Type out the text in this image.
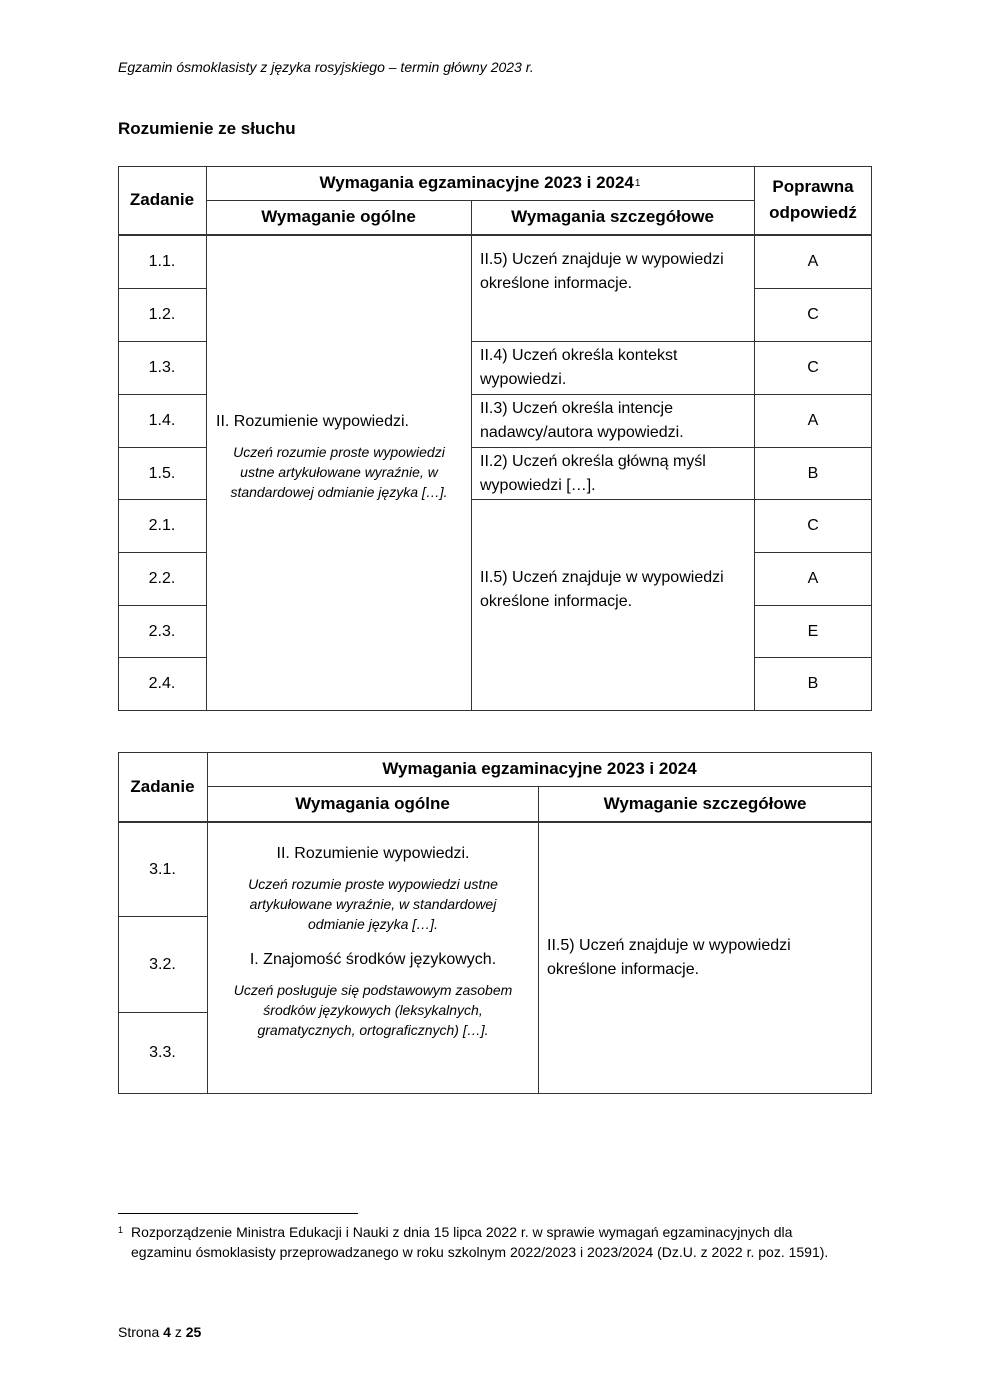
Egzamin ósmoklasisty z języka rosyjskiego – termin główny 2023 r.
Rozumienie ze słuchu
Zadanie
Wymagania egzaminacyjne 2023 i 2024 1
Wymaganie ogólne	Wymagania szczegółowe
Poprawna odpowiedź
1.1.
1.2.
1.3.
1.4.
1.5.
2.1.
2.2.
2.3.
2.4.
II. Rozumienie wypowiedzi.
Uczeń rozumie proste wypowiedzi ustne artykułowane wyraźnie, w standardowej odmianie języka […].
II.5) Uczeń znajduje w wypowiedzi określone informacje.
II.4) Uczeń określa kontekst wypowiedzi.
II.3) Uczeń określa intencje nadawcy/autora wypowiedzi.
II.2) Uczeń określa główną myśl wypowiedzi […].
II.5) Uczeń znajduje w wypowiedzi określone informacje.
A
C
C
A
B
C
A
E
B
Zadanie
Wymagania egzaminacyjne 2023 i 2024
Wymagania ogólne	Wymaganie szczegółowe
3.1.
3.2.
3.3.
II. Rozumienie wypowiedzi.
Uczeń rozumie proste wypowiedzi ustne artykułowane wyraźnie, w standardowej odmianie języka […].
I. Znajomość środków językowych.
Uczeń posługuje się podstawowym zasobem środków językowych (leksykalnych, gramatycznych, ortograficznych) […].
II.5) Uczeń znajduje w wypowiedzi określone informacje.
$^1$ Rozporządzenie Ministra Edukacji i Nauki z dnia 15 lipca 2022 r. w sprawie wymagań egzaminacyjnych dla egzaminu ósmoklasisty przeprowadzanego w roku szkolnym 2022/2023 i 2023/2024 (Dz.U. z 2022 r. poz. 1591).
Strona 4 z 25
